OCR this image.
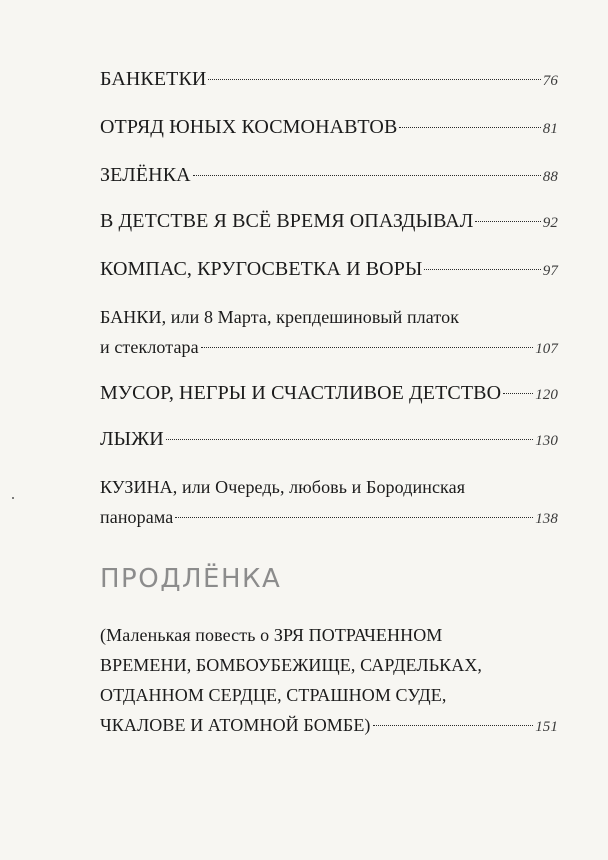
БАНКЕТКИ	76
ОТРЯД ЮНЫХ КОСМОНАВТОВ	81
ЗЕЛЁНКА	88
В ДЕТСТВЕ Я ВСЁ ВРЕМЯ ОПАЗДЫВАЛ	92
КОМПАС, КРУГОСВЕТКА И ВОРЫ	97
БАНКИ, или 8 Марта, крепдешиновый платок
и стеклотара	107
МУСОР, НЕГРЫ И СЧАСТЛИВОЕ ДЕТСТВО 120
ЛЫЖИ	130
КУЗИНА, или Очередь, любовь и Бородинская
панорама	138
ПРОДЛЁНКА
(Маленькая повесть о ЗРЯ ПОТРАЧЕННОМ
ВРЕМЕНИ, БОМБОУБЕЖИЩЕ, САРДЕЛЬКАХ,
ОТДАННОМ СЕРДЦЕ, СТРАШНОМ СУДЕ,
ЧКАЛОВЕ И АТОМНОЙ БОМБЕ)	151
